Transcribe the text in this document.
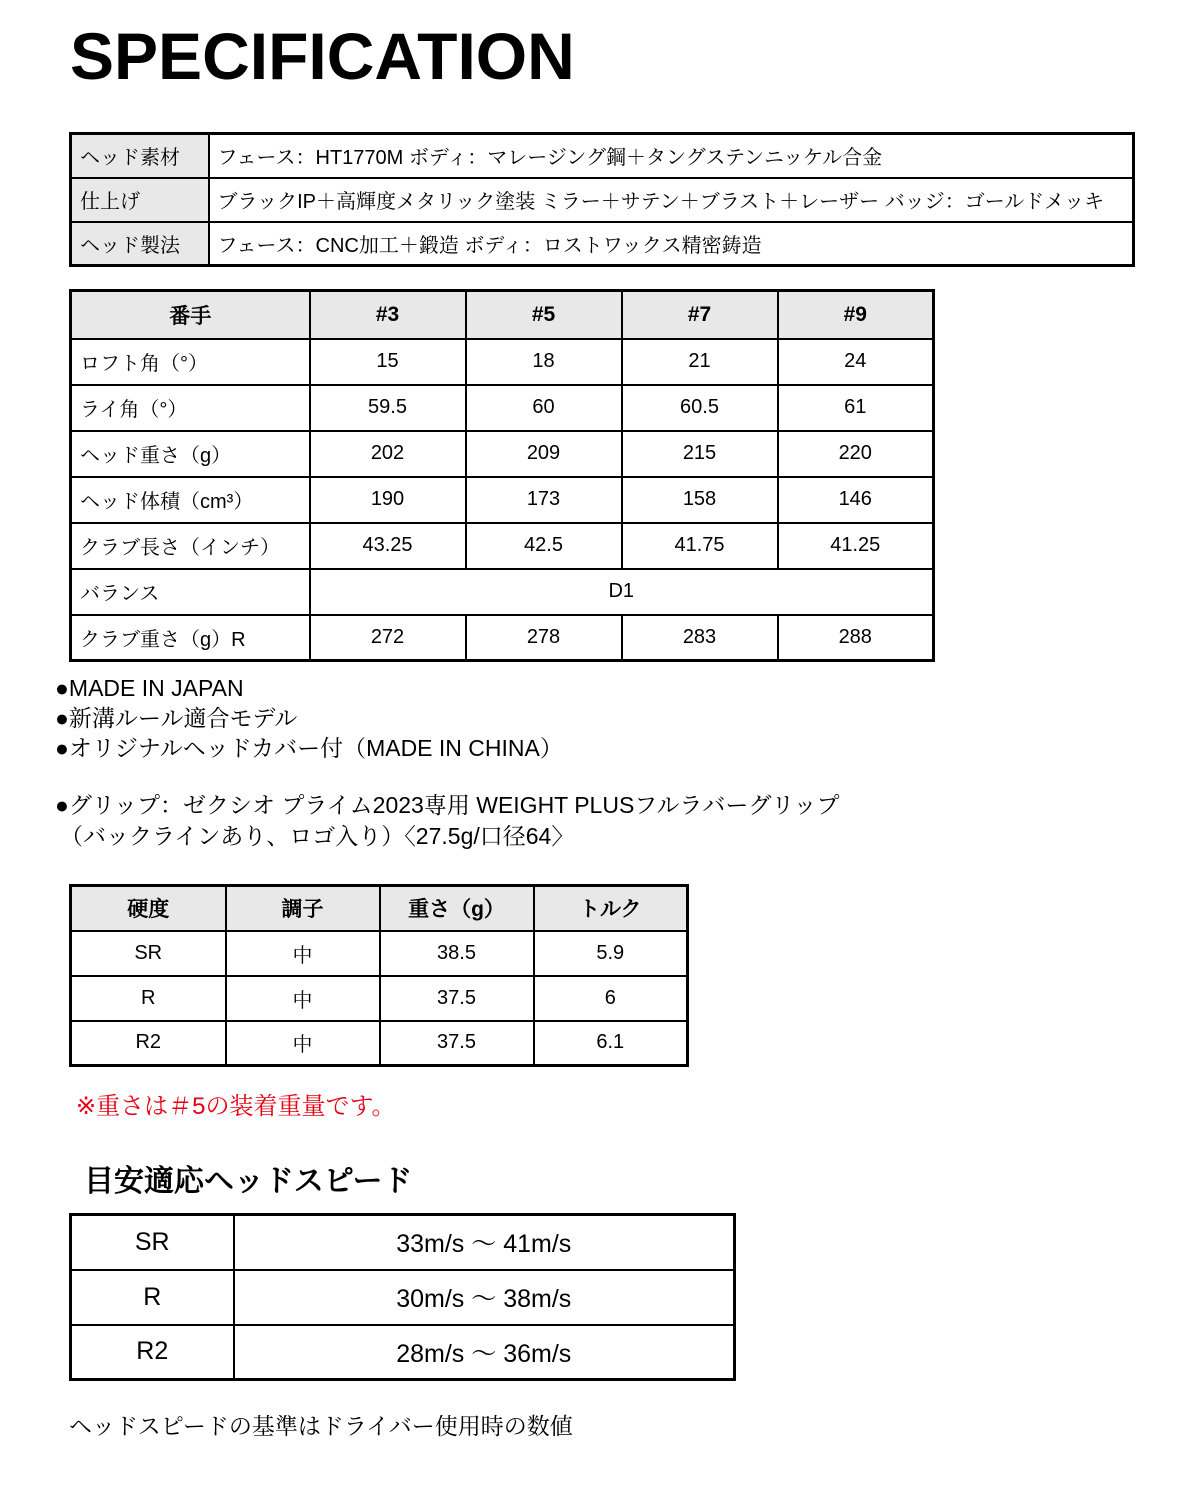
SPECIFICATION
ヘッド素材	フェース：HT1770M ボディ：マレージング鋼＋タングステンニッケル合金
仕上げ	ブラックIP＋高輝度メタリック塗装 ミラー＋サテン＋ブラスト＋レーザー バッジ：ゴールドメッキ
ヘッド製法	フェース：CNC加工＋鍛造 ボディ：ロストワックス精密鋳造
番手	#3	#5	#7	#9
ロフト角（°）	15	18	21	24
ライ角（°）	59.5	60	60.5	61
ヘッド重さ（g）	202	209	215	220
ヘッド体積（cm³）	190	173	158	146
クラブ長さ（インチ）	43.25	42.5	41.75	41.25
バランス	D1			
クラブ重さ（g）R	272	278	283	288
●MADE IN JAPAN
●新溝ルール適合モデル
●オリジナルヘッドカバー付（MADE IN CHINA）
●グリップ：ゼクシオ プライム2023専用 WEIGHT PLUSフルラバーグリップ
（バックラインあり、ロゴ入り）〈27.5g/口径64〉
硬度	調子	重さ（g）	トルク
SR	中	38.5	5.9
R	中	37.5	6
R2	中	37.5	6.1
※重さは＃5の装着重量です。
目安適応ヘッドスピード
SR	33m/s ～ 41m/s
R	30m/s ～ 38m/s
R2	28m/s ～ 36m/s
ヘッドスピードの基準はドライバー使用時の数値
